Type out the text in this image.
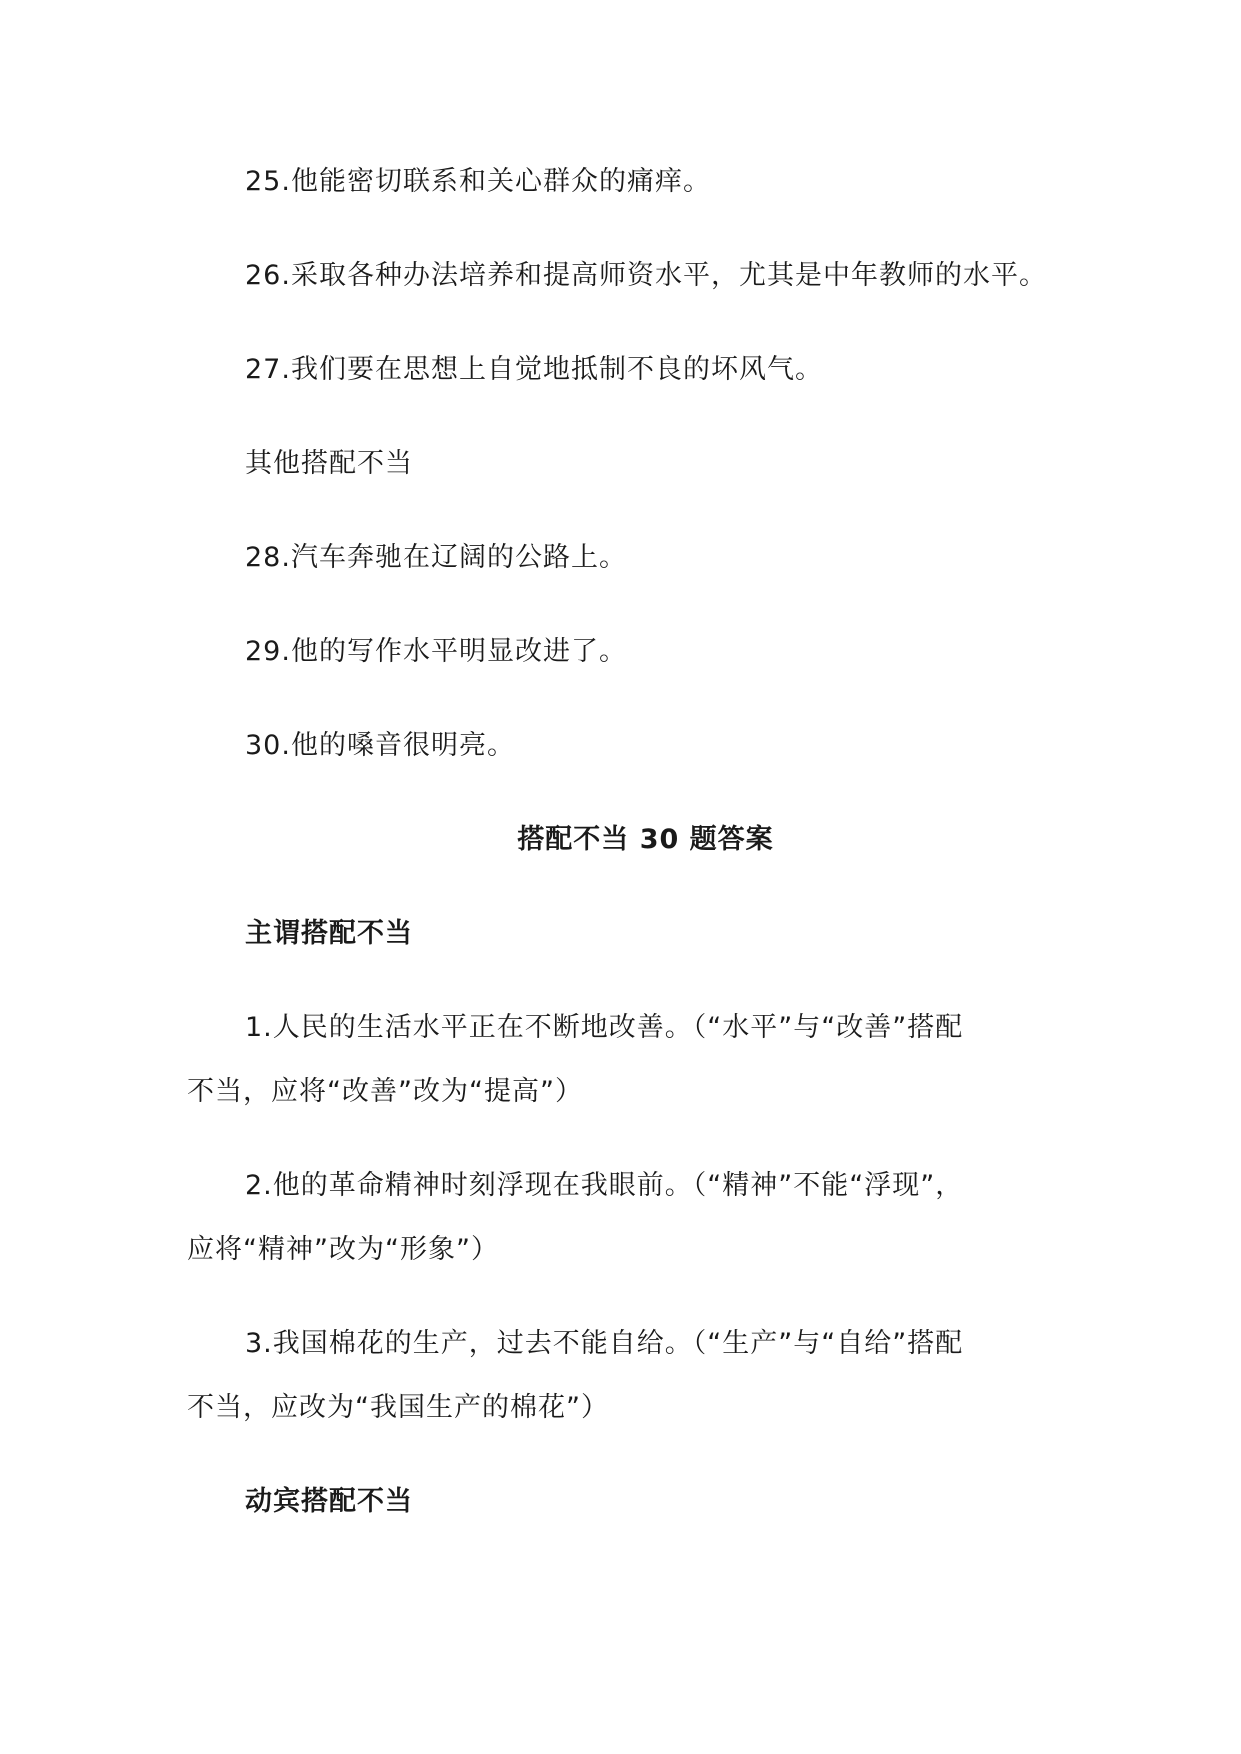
25.他能密切联系和关心群众的痛痒。
26.采取各种办法培养和提高师资水平，尤其是中年教师的水平。
27.我们要在思想上自觉地抵制不良的坏风气。
其他搭配不当
28.汽车奔驰在辽阔的公路上。
29.他的写作水平明显改进了。
30.他的嗓音很明亮。
搭配不当 30 题答案
主谓搭配不当
1.人民的生活水平正在不断地改善。（“水平”与“改善”搭配
不当，应将“改善”改为“提高”）
2.他的革命精神时刻浮现在我眼前。（“精神”不能“浮现”，
应将“精神”改为“形象”）
3.我国棉花的生产，过去不能自给。（“生产”与“自给”搭配
不当，应改为“我国生产的棉花”）
动宾搭配不当
